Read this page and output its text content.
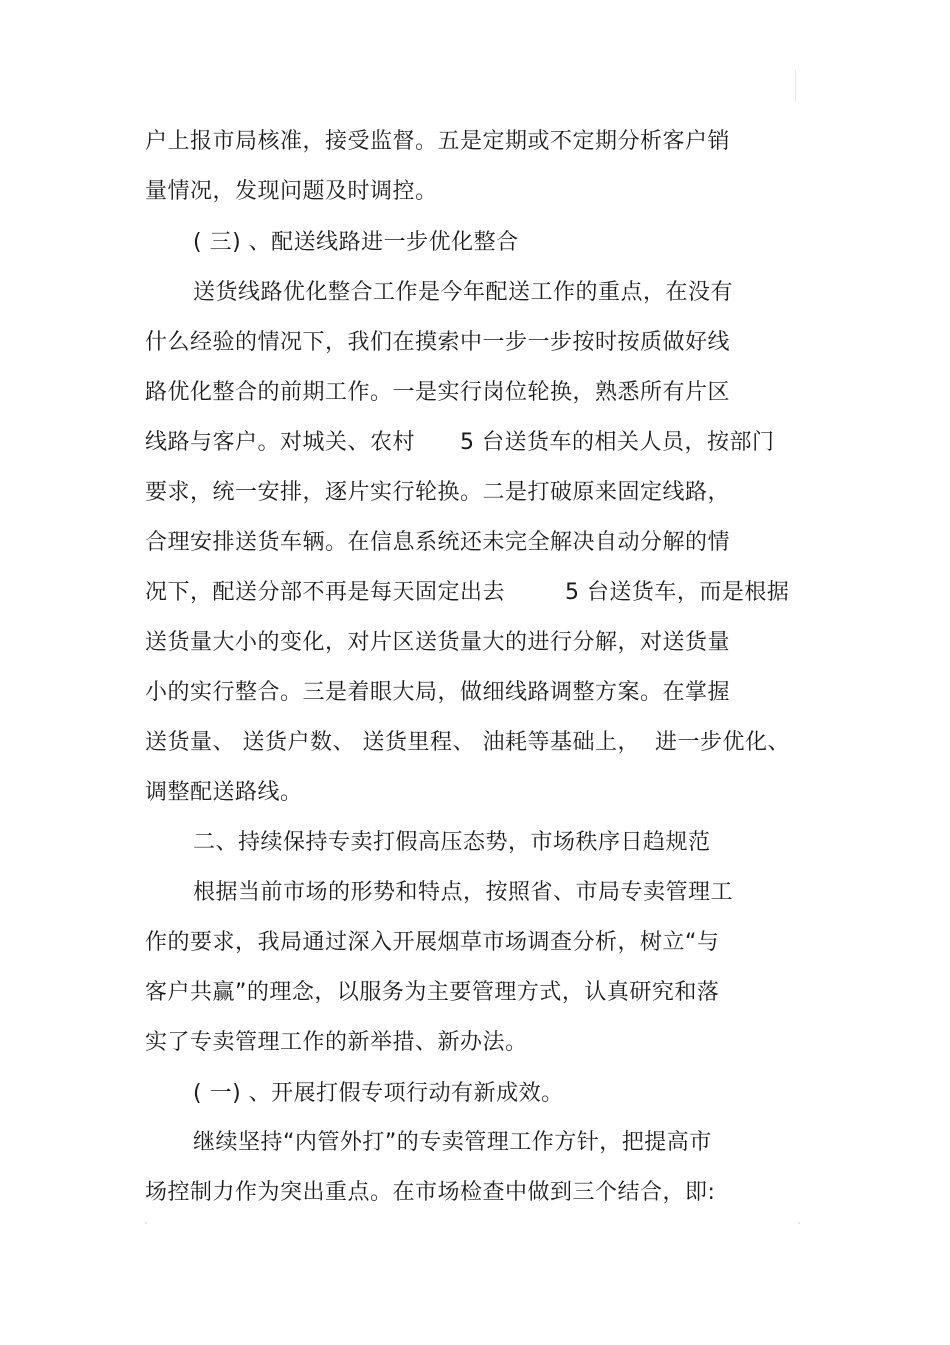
户上报市局核准，接受监督。五是定期或不定期分析客户销
量情况，发现问题及时调控。
( 三) 、配送线路进一步优化整合
送货线路优化整合工作是今年配送工作的重点，在没有
什么经验的情况下，我们在摸索中一步一步按时按质做好线
路优化整合的前期工作。一是实行岗位轮换，熟悉所有片区
线路与客户。对城关、农村      5 台送货车的相关人员，按部门
要求，统一安排，逐片实行轮换。二是打破原来固定线路，
合理安排送货车辆。在信息系统还未完全解决自动分解的情
况下，配送分部不再是每天固定出去        5 台送货车，而是根据
送货量大小的变化，对片区送货量大的进行分解，对送货量
小的实行整合。三是着眼大局，做细线路调整方案。在掌握
送货量、 送货户数、 送货里程、 油耗等基础上，  进一步优化、
调整配送路线。
二、持续保持专卖打假高压态势，市场秩序日趋规范
根据当前市场的形势和特点，按照省、市局专卖管理工
作的要求，我局通过深入开展烟草市场调查分析，树立“与
客户共赢”的理念，以服务为主要管理方式，认真研究和落
实了专卖管理工作的新举措、新办法。
( 一) 、开展打假专项行动有新成效。
继续坚持“内管外打”的专卖管理工作方针，把提高市
场控制力作为突出重点。在市场检查中做到三个结合，即:
